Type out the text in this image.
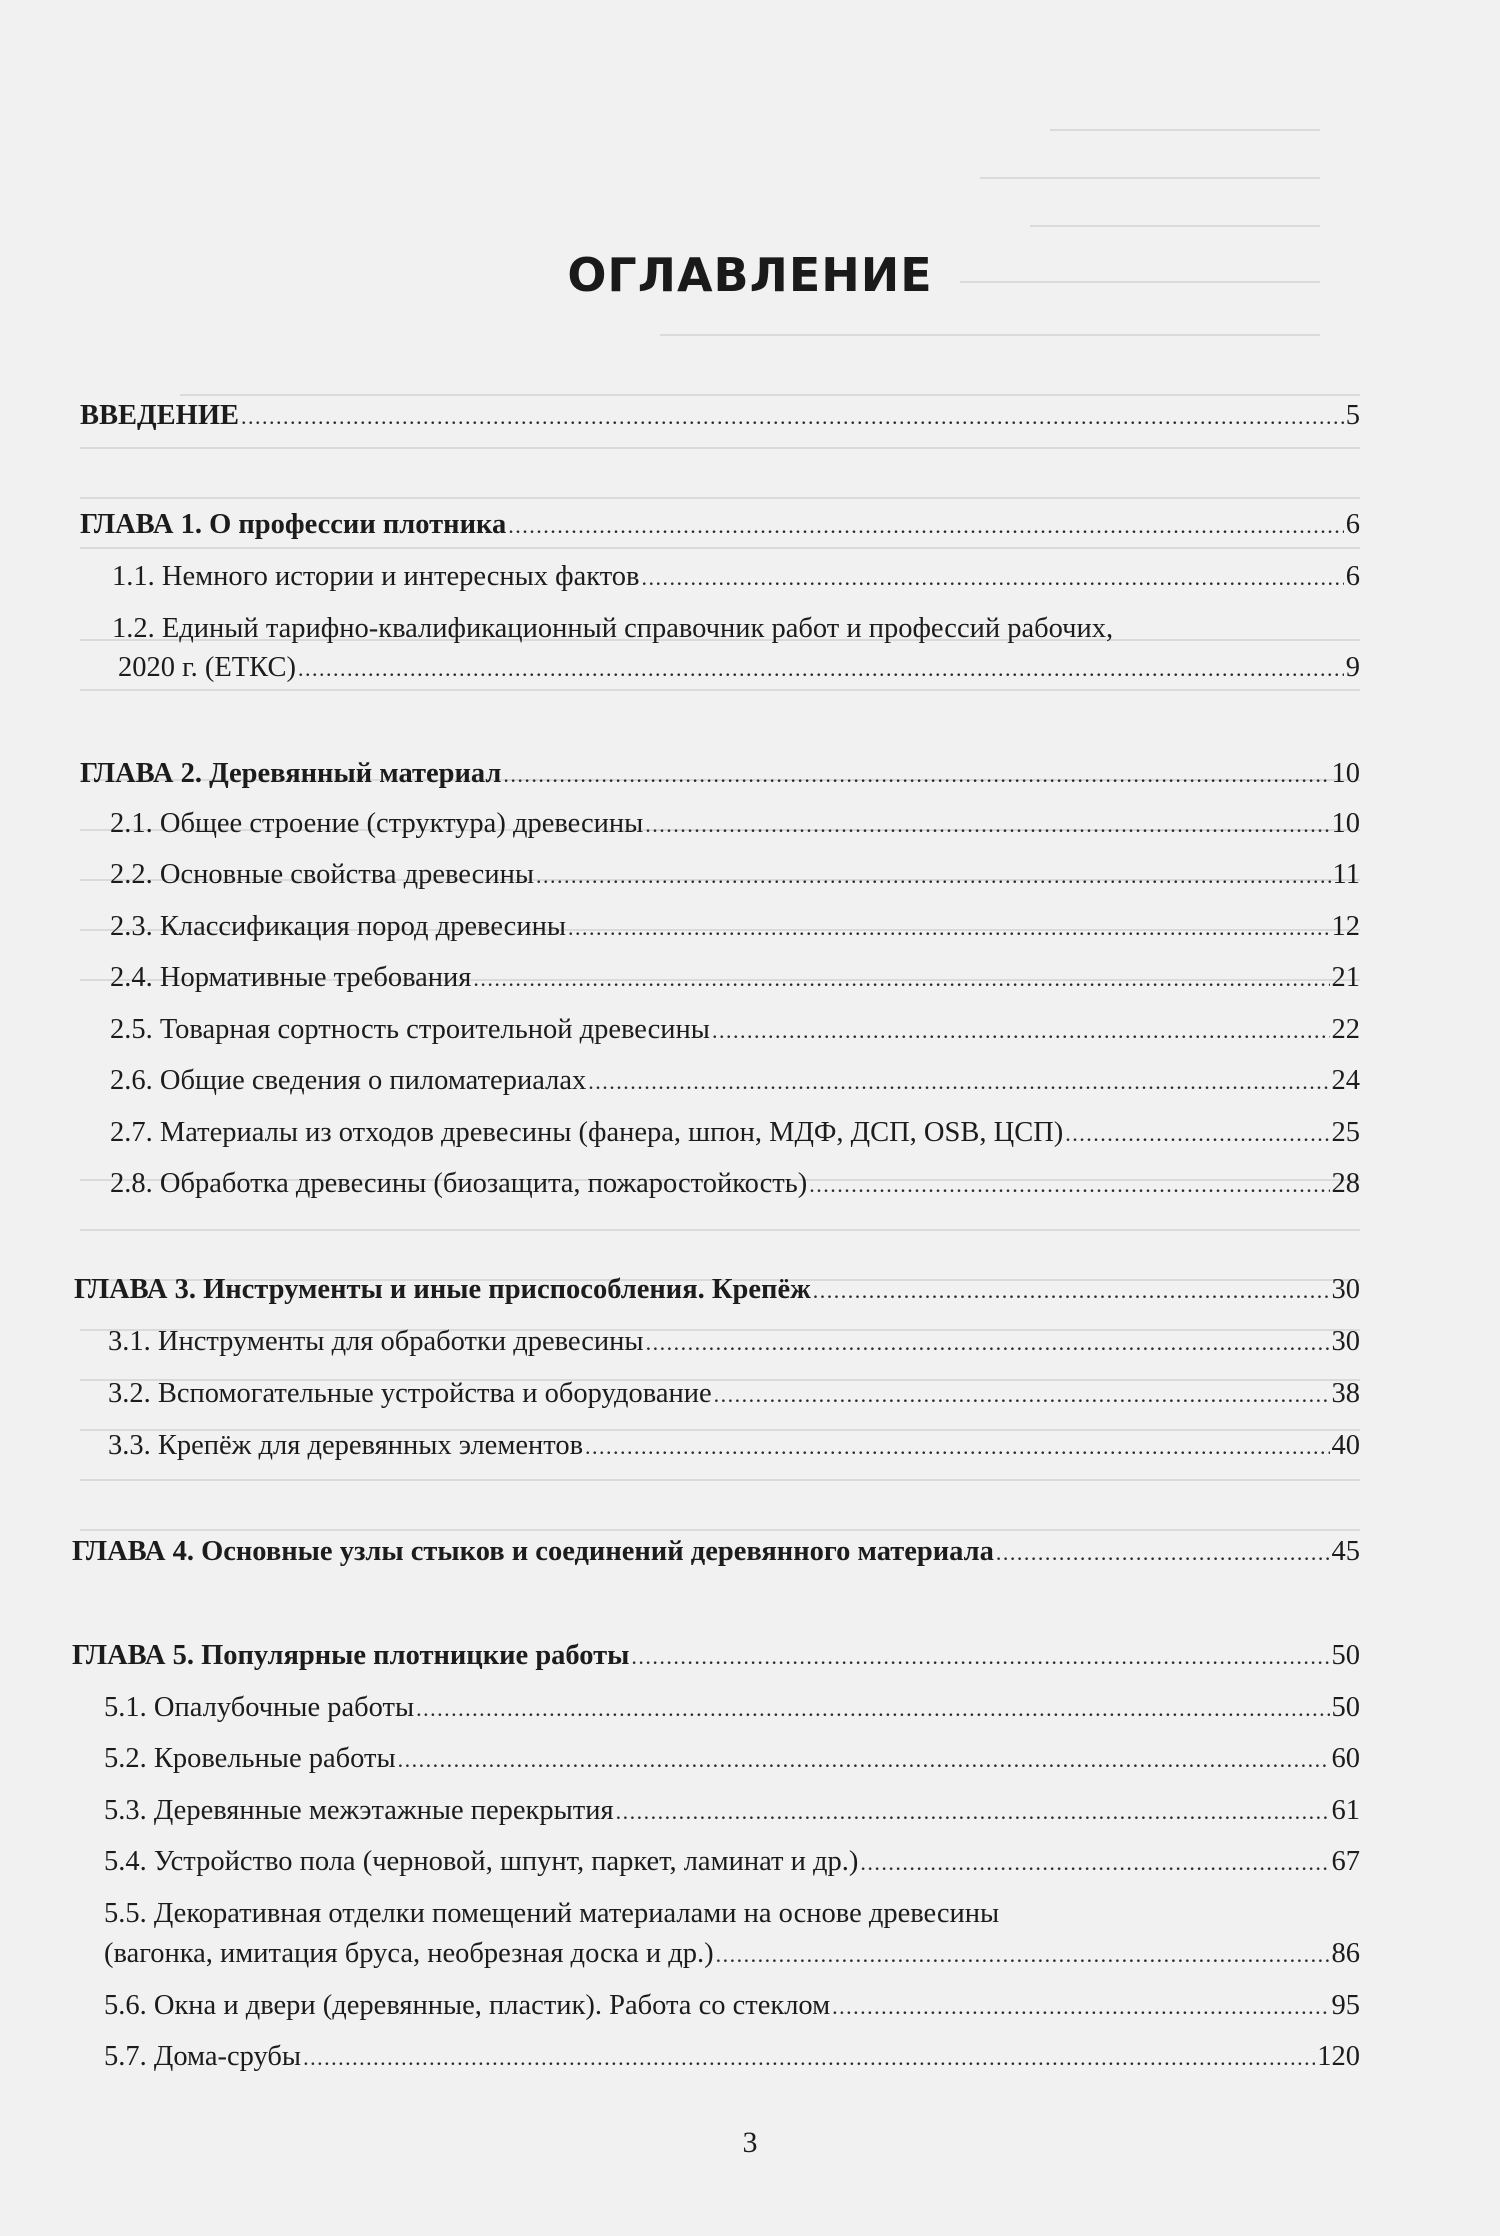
ОГЛАВЛЕНИЕ
ВВЕДЕНИЕ .....	5
ГЛАВА 1. О профессии плотника .....	6
1.1. Немного истории и интересных фактов .....	6
1.2. Единый тарифно-квалификационный справочник работ и профессий рабочих,
2020 г. (ЕТКС) .....	9
ГЛАВА 2. Деревянный материал .....	10
2.1. Общее строение (структура) древесины .....	10
2.2. Основные свойства древесины .....	11
2.3. Классификация пород древесины .....	12
2.4. Нормативные требования .....	21
2.5. Товарная сортность строительной древесины .....	22
2.6. Общие сведения о пиломатериалах .....	24
2.7. Материалы из отходов древесины (фанера, шпон, МДФ, ДСП, OSB, ЦСП) .....	25
2.8. Обработка древесины (биозащита, пожаростойкость) .....	28
ГЛАВА 3. Инструменты и иные приспособления. Крепёж .....	30
3.1. Инструменты для обработки древесины .....	30
3.2. Вспомогательные устройства и оборудование .....	38
3.3. Крепёж для деревянных элементов .....	40
ГЛАВА 4. Основные узлы стыков и соединений деревянного материала .....	45
ГЛАВА 5. Популярные плотницкие работы .....	50
5.1. Опалубочные работы .....	50
5.2. Кровельные работы .....	60
5.3. Деревянные межэтажные перекрытия .....	61
5.4. Устройство пола (черновой, шпунт, паркет, ламинат и др.) .....	67
5.5. Декоративная отделки помещений материалами на основе древесины
(вагонка, имитация бруса, необрезная доска и др.) .....	86
5.6. Окна и двери (деревянные, пластик). Работа со стеклом .....	95
5.7. Дома-срубы .....	120
3
